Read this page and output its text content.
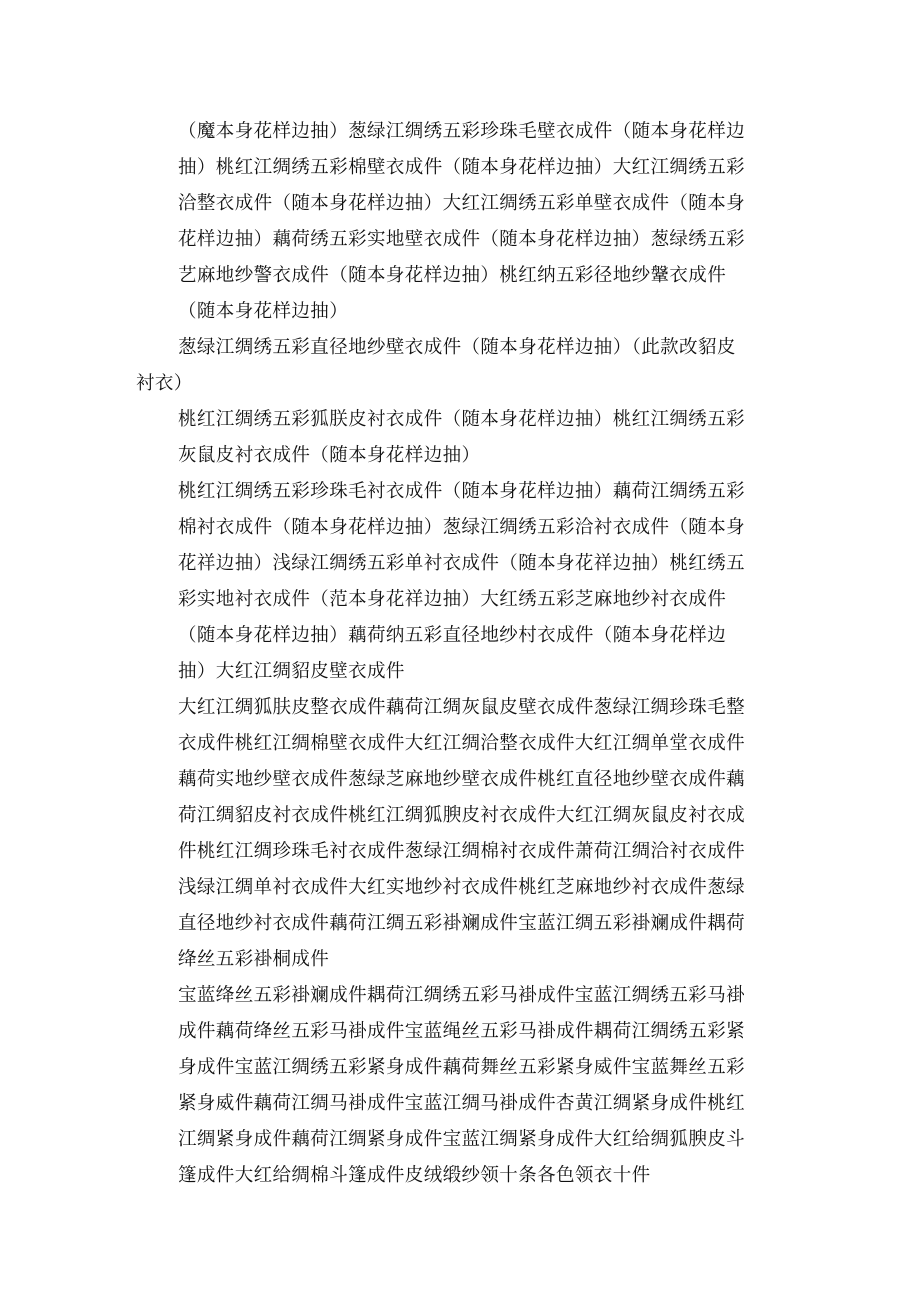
（魔本身花样边抽）葱绿江绸绣五彩珍珠毛壁衣成件（随本身花样边
抽）桃红江绸绣五彩棉壁衣成件（随本身花样边抽）大红江绸绣五彩
洽整衣成件（随本身花样边抽）大红江绸绣五彩单壁衣成件（随本身
花样边抽）藕荷绣五彩实地壁衣成件（随本身花样边抽）葱绿绣五彩
艺麻地纱警衣成件（随本身花样边抽）桃红纳五彩径地纱鞶衣成件
（随本身花样边抽）
葱绿江绸绣五彩直径地纱壁衣成件（随本身花样边抽）（此款改貂皮
衬衣）
桃红江绸绣五彩狐朕皮衬衣成件（随本身花样边抽）桃红江绸绣五彩
灰鼠皮衬衣成件（随本身花样边抽）
桃红江绸绣五彩珍珠毛衬衣成件（随本身花样边抽）藕荷江绸绣五彩
棉衬衣成件（随本身花样边抽）葱绿江绸绣五彩洽衬衣成件（随本身
花祥边抽）浅绿江绸绣五彩单衬衣成件（随本身花祥边抽）桃红绣五
彩实地衬衣成件（范本身花祥边抽）大红绣五彩芝麻地纱衬衣成件
（随本身花样边抽）藕荷纳五彩直径地纱村衣成件（随本身花样边
抽）大红江绸貂皮壁衣成件
大红江绸狐肤皮整衣成件藕荷江绸灰鼠皮壁衣成件葱绿江绸珍珠毛整
衣成件桃红江绸棉壁衣成件大红江绸洽整衣成件大红江绸单堂衣成件
藕荷实地纱壁衣成件葱绿芝麻地纱壁衣成件桃红直径地纱壁衣成件藕
荷江绸貂皮衬衣成件桃红江绸狐腴皮衬衣成件大红江绸灰鼠皮衬衣成
件桃红江绸珍珠毛衬衣成件葱绿江绸棉衬衣成件萧荷江绸洽衬衣成件
浅绿江绸单衬衣成件大红实地纱衬衣成件桃红芝麻地纱衬衣成件葱绿
直径地纱衬衣成件藕荷江绸五彩褂斓成件宝蓝江绸五彩褂斓成件耦荷
绛丝五彩褂桐成件
宝蓝绛丝五彩褂斓成件耦荷江绸绣五彩马褂成件宝蓝江绸绣五彩马褂
成件藕荷绛丝五彩马褂成件宝蓝绳丝五彩马褂成件耦荷江绸绣五彩紧
身成件宝蓝江绸绣五彩紧身成件藕荷舞丝五彩紧身威件宝蓝舞丝五彩
紧身威件藕荷江绸马褂成件宝蓝江绸马褂成件杏黄江绸紧身成件桃红
江绸紧身成件藕荷江绸紧身成件宝蓝江绸紧身成件大红给绸狐腴皮斗
篷成件大红给绸棉斗篷成件皮绒缎纱领十条各色领衣十件
